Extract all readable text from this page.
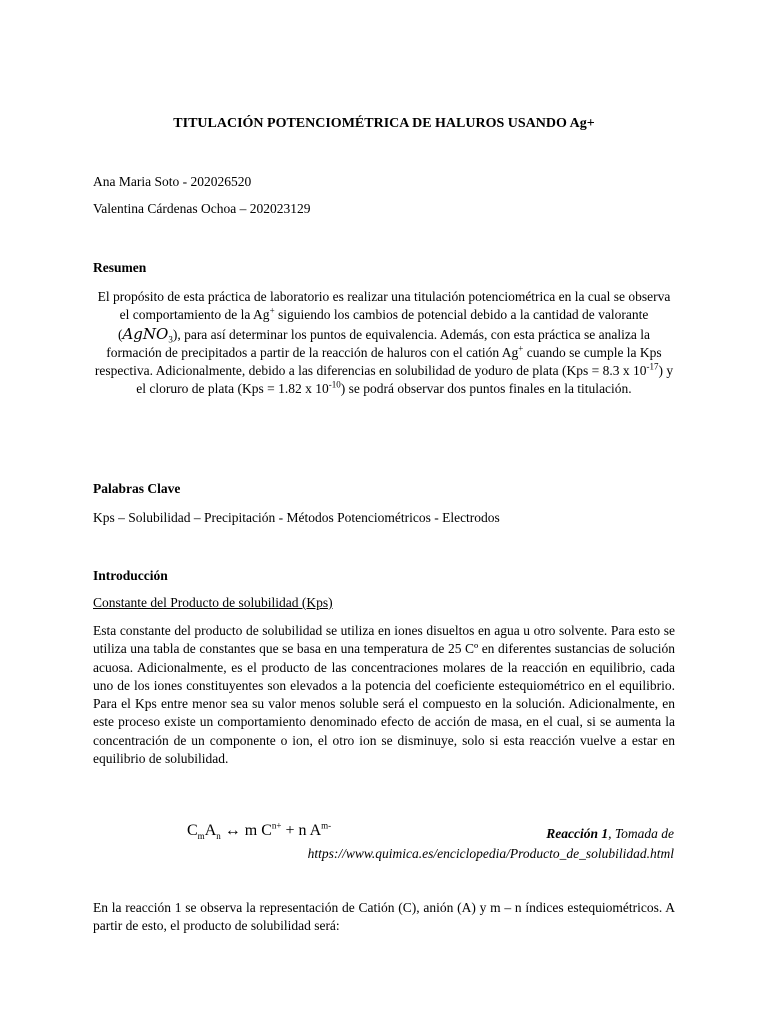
TITULACIÓN POTENCIOMÉTRICA DE HALUROS USANDO Ag+
Ana Maria Soto - 202026520
Valentina Cárdenas Ochoa – 202023129
Resumen
El propósito de esta práctica de laboratorio es realizar una titulación potenciométrica en la cual se observa el comportamiento de la Ag+ siguiendo los cambios de potencial debido a la cantidad de valorante (AgNO$_3$), para así determinar los puntos de equivalencia. Además, con esta práctica se analiza la formación de precipitados a partir de la reacción de haluros con el catión Ag+ cuando se cumple la Kps respectiva. Adicionalmente, debido a las diferencias en solubilidad de yoduro de plata (Kps = 8.3 x $10^{-17}$) y el cloruro de plata (Kps = 1.82 x $10^{-10}$) se podrá observar dos puntos finales en la titulación.
Palabras Clave
Kps – Solubilidad – Precipitación - Métodos Potenciométricos - Electrodos
Introducción
Constante del Producto de solubilidad (Kps)
Esta constante del producto de solubilidad se utiliza en iones disueltos en agua u otro solvente. Para esto se utiliza una tabla de constantes que se basa en una temperatura de 25 Cº en diferentes sustancias de solución acuosa. Adicionalmente, es el producto de las concentraciones molares de la reacción en equilibrio, cada uno de los iones constituyentes son elevados a la potencia del coeficiente estequiométrico en el equilibrio. Para el Kps entre menor sea su valor menos soluble será el compuesto en la solución. Adicionalmente, en este proceso existe un comportamiento denominado efecto de acción de masa, en el cual, si se aumenta la concentración de un componente o ion, el otro ion se disminuye, solo si esta reacción vuelve a estar en equilibrio de solubilidad.
$C_mA_n$ ↔ m $C^{n+} + n$ $A^{m-}$
Reacción 1, Tomada de
https://www.quimica.es/enciclopedia/Producto_de_solubilidad.html
En la reacción 1 se observa la representación de Catión (C), anión (A) y m – n índices estequiométricos. A partir de esto, el producto de solubilidad será:
